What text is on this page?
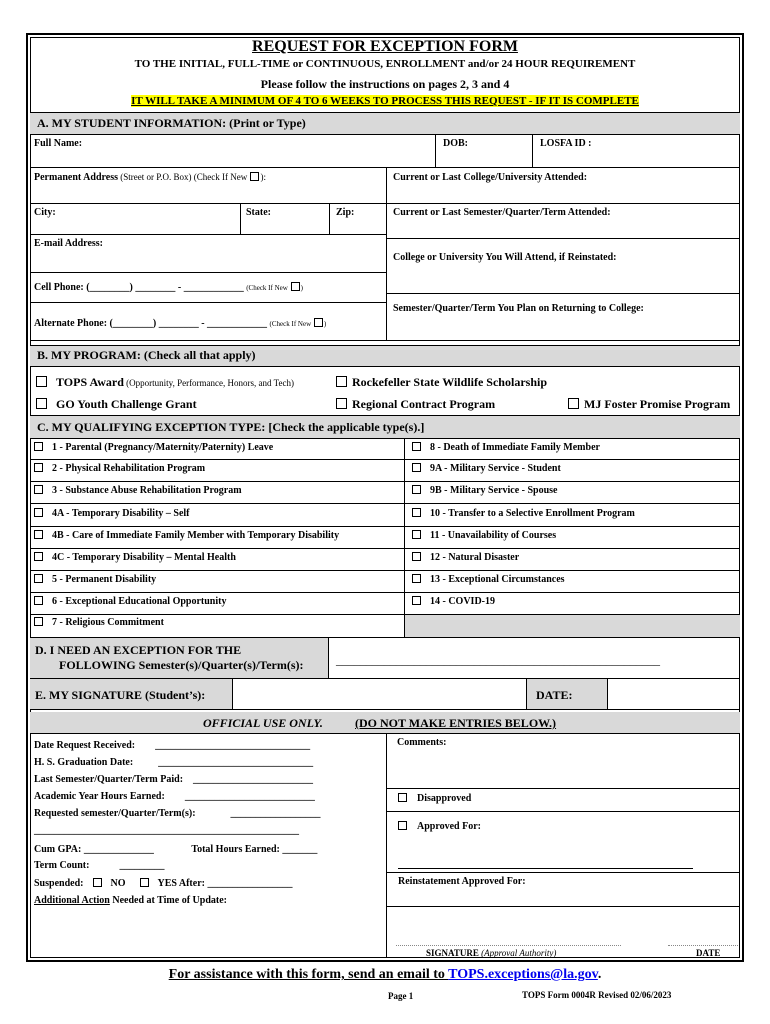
REQUEST FOR EXCEPTION FORM
TO THE INITIAL, FULL-TIME or CONTINUOUS, ENROLLMENT and/or 24 HOUR REQUIREMENT
Please follow the instructions on pages 2, 3 and 4
IT WILL TAKE A MINIMUM OF 4 TO 6 WEEKS TO PROCESS THIS REQUEST - IF IT IS COMPLETE
A. MY STUDENT INFORMATION: (Print or Type)
Full Name:	DOB:	LOSFA ID :
Permanent Address (Street or P.O. Box) (Check If New ):	Current or Last College/University Attended:
City:	State:	Zip:	Current or Last Semester/Quarter/Term Attended:
E-mail Address:
College or University You Will Attend, if Reinstated:
Cell Phone: (________) ________ - ____________ (Check If New )
Semester/Quarter/Term You Plan on Returning to College:
Alternate Phone: (________) ________ - ____________ (Check If New )
B. MY PROGRAM: (Check all that apply)
TOPS Award (Opportunity, Performance, Honors, and Tech)	Rockefeller State Wildlife Scholarship
GO Youth Challenge Grant	Regional Contract Program	MJ Foster Promise Program
C. MY QUALIFYING EXCEPTION TYPE: [Check the applicable type(s).]
1 - Parental (Pregnancy/Maternity/Paternity) Leave
2 - Physical Rehabilitation Program
3 - Substance Abuse Rehabilitation Program
4A - Temporary Disability – Self
4B - Care of Immediate Family Member with Temporary Disability
4C - Temporary Disability – Mental Health
5 - Permanent Disability
6 - Exceptional Educational Opportunity
7 - Religious Commitment
8 - Death of Immediate Family Member
9A - Military Service - Student
9B - Military Service - Spouse
10 - Transfer to a Selective Enrollment Program
11 - Unavailability of Courses
12 - Natural Disaster
13 - Exceptional Circumstances
14 - COVID-19
D. I NEED AN EXCEPTION FOR THE
FOLLOWING Semester(s)/Quarter(s)/Term(s):	______________________________________________________
E. MY SIGNATURE (Student’s):	DATE:
OFFICIAL USE ONLY.	(DO NOT MAKE ENTRIES BELOW.)
Date Request Received:        _______________________________
H. S. Graduation Date:          _______________________________
Last Semester/Quarter/Term Paid:    ________________________
Academic Year Hours Earned:        __________________________
Requested semester/Quarter/Term(s):              __________________
_____________________________________________________
Cum GPA: ______________               Total Hours Earned: _______
Term Count:            _________
Suspended:	NO	YES After: _________________
Additional Action Needed at Time of Update:
Comments:
Disapproved
Approved For:
Reinstatement Approved For:
SIGNATURE (Approval Authority)	DATE
For assistance with this form, send an email to TOPS.exceptions@la.gov.
Page 1	TOPS Form 0004R Revised 02/06/2023
